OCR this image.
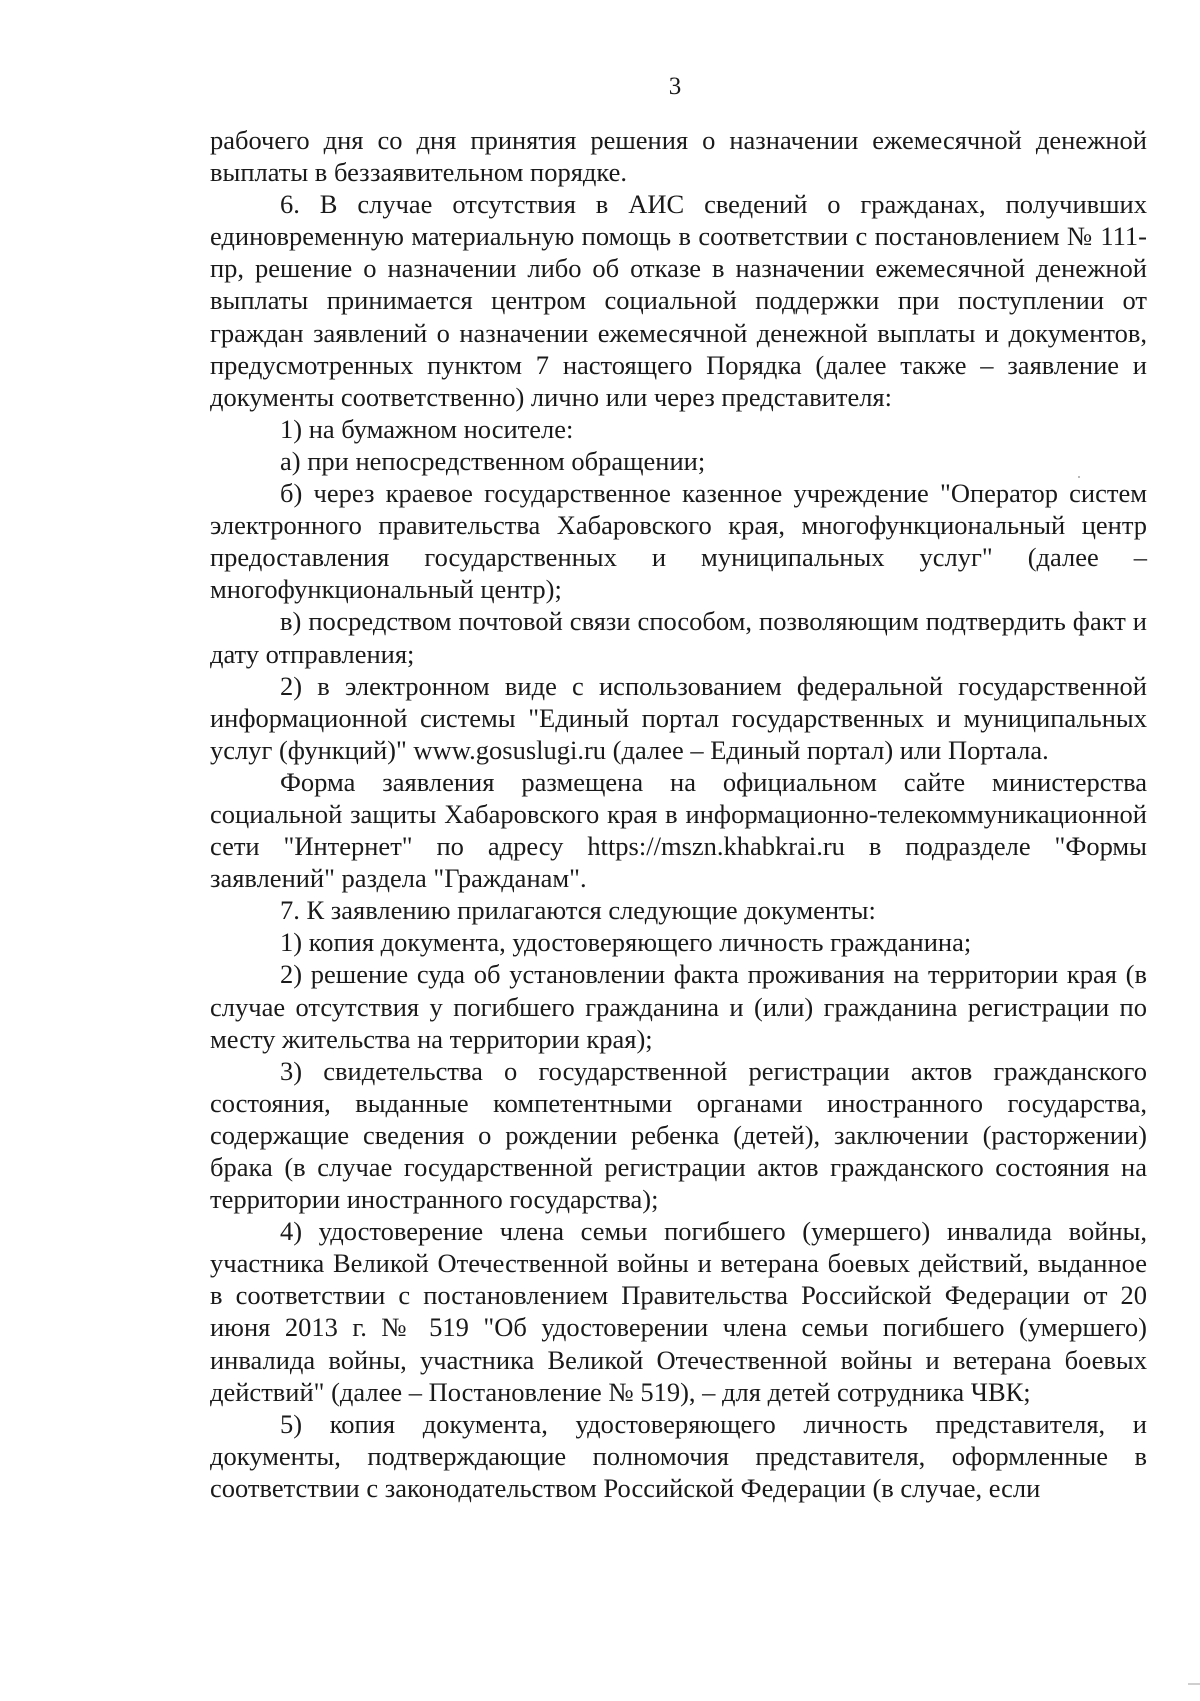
3

рабочего дня со дня принятия решения о назначении ежемесячной денежной выплаты в беззаявительном порядке.

6. В случае отсутствия в АИС сведений о гражданах, получивших единовременную материальную помощь в соответствии с постановлением № 111-пр, решение о назначении либо об отказе в назначении ежемесячной денежной выплаты принимается центром социальной поддержки при поступлении от граждан заявлений о назначении ежемесячной денежной выплаты и документов, предусмотренных пунктом 7 настоящего Порядка (далее также – заявление и документы соответственно) лично или через представителя:

1) на бумажном носителе:

а) при непосредственном обращении;

б) через краевое государственное казенное учреждение "Оператор систем электронного правительства Хабаровского края, многофункциональный центр предоставления государственных и муниципальных услуг" (далее – многофункциональный центр);

в) посредством почтовой связи способом, позволяющим подтвердить факт и дату отправления;

2) в электронном виде с использованием федеральной государственной информационной системы "Единый портал государственных и муниципальных услуг (функций)" www.gosuslugi.ru (далее – Единый портал) или Портала.

Форма заявления размещена на официальном сайте министерства социальной защиты Хабаровского края в информационно-телекоммуникационной сети "Интернет" по адресу https://mszn.khabkrai.ru в подразделе "Формы заявлений" раздела "Гражданам".

7. К заявлению прилагаются следующие документы:

1) копия документа, удостоверяющего личность гражданина;

2) решение суда об установлении факта проживания на территории края (в случае отсутствия у погибшего гражданина и (или) гражданина регистрации по месту жительства на территории края);

3) свидетельства о государственной регистрации актов гражданского состояния, выданные компетентными органами иностранного государства, содержащие сведения о рождении ребенка (детей), заключении (расторжении) брака (в случае государственной регистрации актов гражданского состояния на территории иностранного государства);

4) удостоверение члена семьи погибшего (умершего) инвалида войны, участника Великой Отечественной войны и ветерана боевых действий, выданное в соответствии с постановлением Правительства Российской Федерации от 20 июня 2013 г. № 519 "Об удостоверении члена семьи погибшего (умершего) инвалида войны, участника Великой Отечественной войны и ветерана боевых действий" (далее – Постановление № 519), – для детей сотрудника ЧВК;

5) копия документа, удостоверяющего личность представителя, и документы, подтверждающие полномочия представителя, оформленные в соответствии с законодательством Российской Федерации (в случае, если
